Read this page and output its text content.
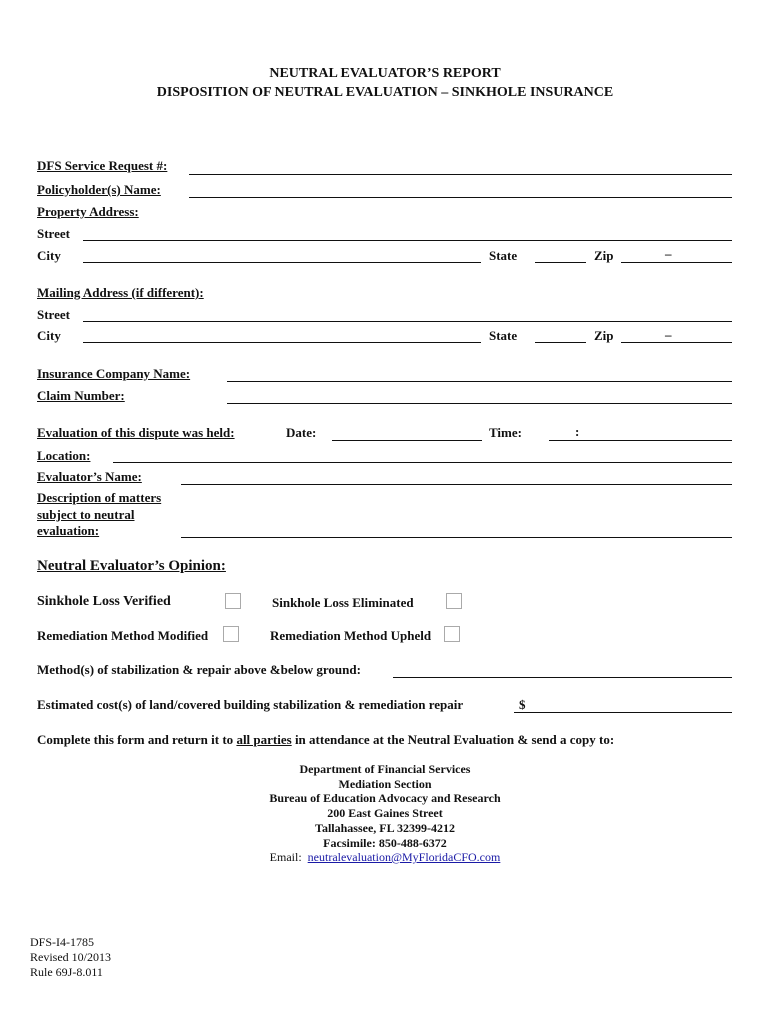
NEUTRAL EVALUATOR’S REPORT
DISPOSITION OF NEUTRAL EVALUATION – SINKHOLE INSURANCE
DFS Service Request #:
Policyholder(s) Name:
Property Address:
Street
City	State	Zip	–
Mailing Address (if different):
Street
City	State	Zip	–
Insurance Company Name:
Claim Number:
Evaluation of this dispute was held:	Date:	Time:	:
Location:
Evaluator’s Name:
Description of matters
subject to neutral
evaluation:
Neutral Evaluator’s Opinion:
Sinkhole Loss Verified	Sinkhole Loss Eliminated
Remediation Method Modified	Remediation Method Upheld
Method(s) of stabilization & repair above &below ground:
Estimated cost(s) of land/covered building stabilization & remediation repair	$
Complete this form and return it to all parties in attendance at the Neutral Evaluation & send a copy to:
Department of Financial Services
Mediation Section
Bureau of Education Advocacy and Research
200 East Gaines Street
Tallahassee, FL 32399-4212
Facsimile: 850-488-6372
Email: neutralevaluation@MyFloridaCFO.com
DFS-I4-1785
Revised 10/2013
Rule 69J-8.011
